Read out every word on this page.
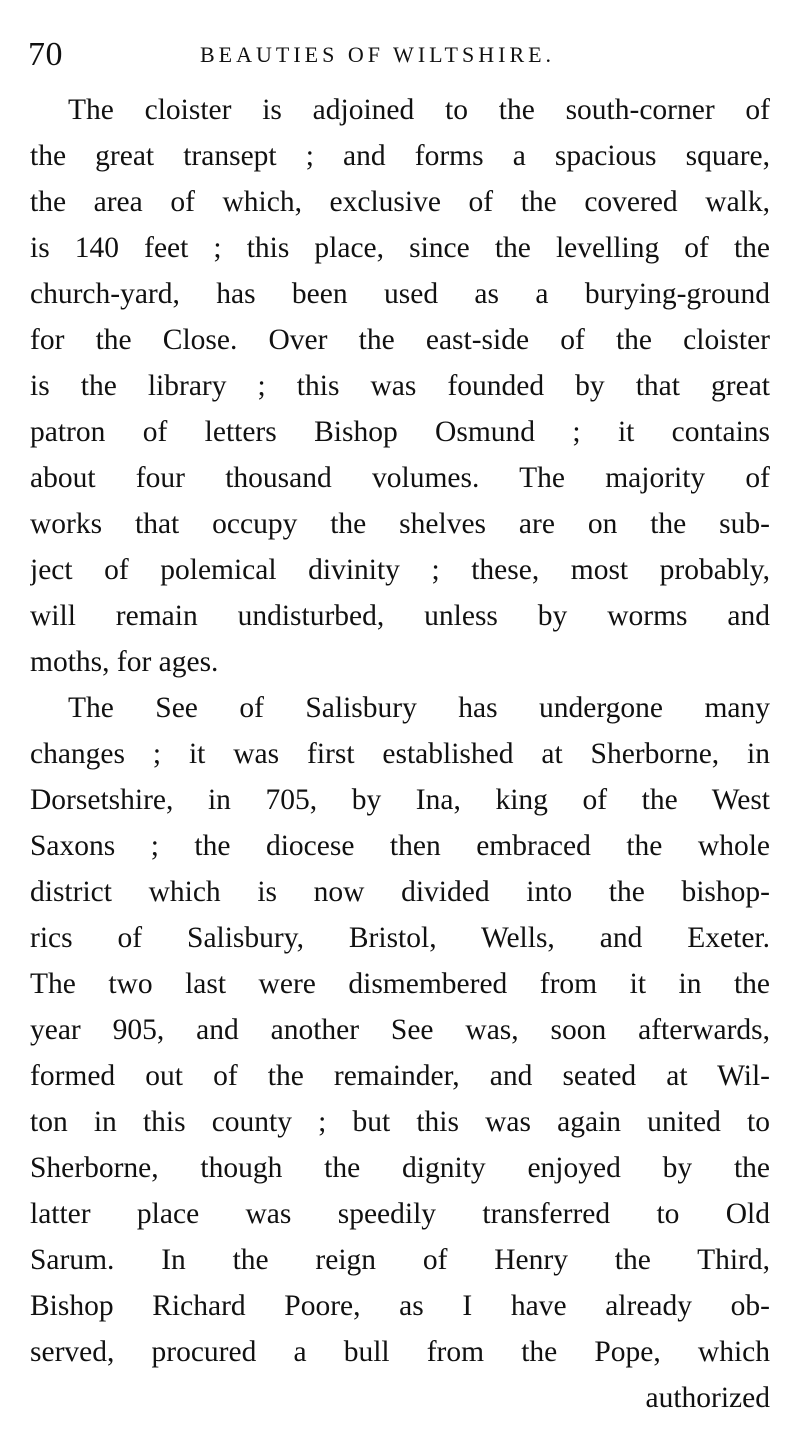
70	BEAUTIES OF WILTSHIRE.
The cloister is adjoined to the south-corner of
the great transept ; and forms a spacious square,
the area of which, exclusive of the covered walk,
is 140 feet ; this place, since the levelling of the
church-yard, has been used as a burying-ground
for the Close. Over the east-side of the cloister
is the library ; this was founded by that great
patron of letters Bishop Osmund ; it contains
about four thousand volumes. The majority of
works that occupy the shelves are on the sub-
ject of polemical divinity ; these, most probably,
will remain undisturbed, unless by worms and
moths, for ages.
The See of Salisbury has undergone many
changes ; it was first established at Sherborne, in
Dorsetshire, in 705, by Ina, king of the West
Saxons ; the diocese then embraced the whole
district which is now divided into the bishop-
rics of Salisbury, Bristol, Wells, and Exeter.
The two last were dismembered from it in the
year 905, and another See was, soon afterwards,
formed out of the remainder, and seated at Wil-
ton in this county ; but this was again united to
Sherborne, though the dignity enjoyed by the
latter place was speedily transferred to Old
Sarum. In the reign of Henry the Third,
Bishop Richard Poore, as I have already ob-
served, procured a bull from the Pope, which
authorized
